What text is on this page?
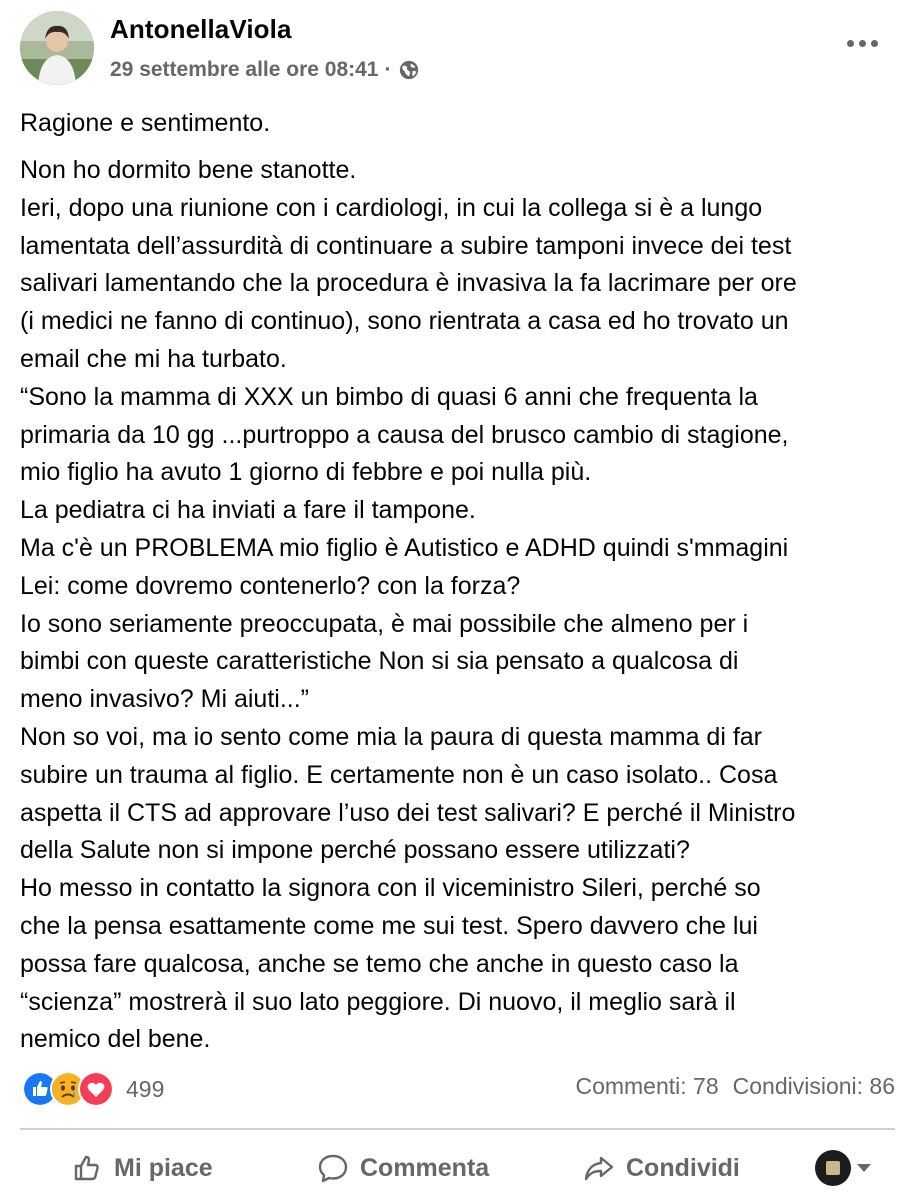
AntonellaViola
29 settembre alle ore 08:41 ·
Ragione e sentimento.
Non ho dormito bene stanotte.
Ieri, dopo una riunione con i cardiologi, in cui la collega si è a lungo
lamentata dell’assurdità di continuare a subire tamponi invece dei test
salivari lamentando che la procedura è invasiva la fa lacrimare per ore
(i medici ne fanno di continuo), sono rientrata a casa ed ho trovato un
email che mi ha turbato.
“Sono la mamma di XXX un bimbo di quasi 6 anni che frequenta la
primaria da 10 gg ...purtroppo a causa del brusco cambio di stagione,
mio figlio ha avuto 1 giorno di febbre e poi nulla più.
La pediatra ci ha inviati a fare il tampone.
Ma c'è un PROBLEMA mio figlio è Autistico e ADHD quindi s'mmagini
Lei: come dovremo contenerlo? con la forza?
Io sono seriamente preoccupata, è mai possibile che almeno per i
bimbi con queste caratteristiche Non si sia pensato a qualcosa di
meno invasivo? Mi aiuti...”
Non so voi, ma io sento come mia la paura di questa mamma di far
subire un trauma al figlio. E certamente non è un caso isolato.. Cosa
aspetta il CTS ad approvare l’uso dei test salivari? E perché il Ministro
della Salute non si impone perché possano essere utilizzati?
Ho messo in contatto la signora con il viceministro Sileri, perché so
che la pensa esattamente come me sui test. Spero davvero che lui
possa fare qualcosa, anche se temo che anche in questo caso la
“scienza” mostrerà il suo lato peggiore. Di nuovo, il meglio sarà il
nemico del bene.
499	Commenti: 78 Condivisioni: 86
Mi piace	Commenta	Condividi
